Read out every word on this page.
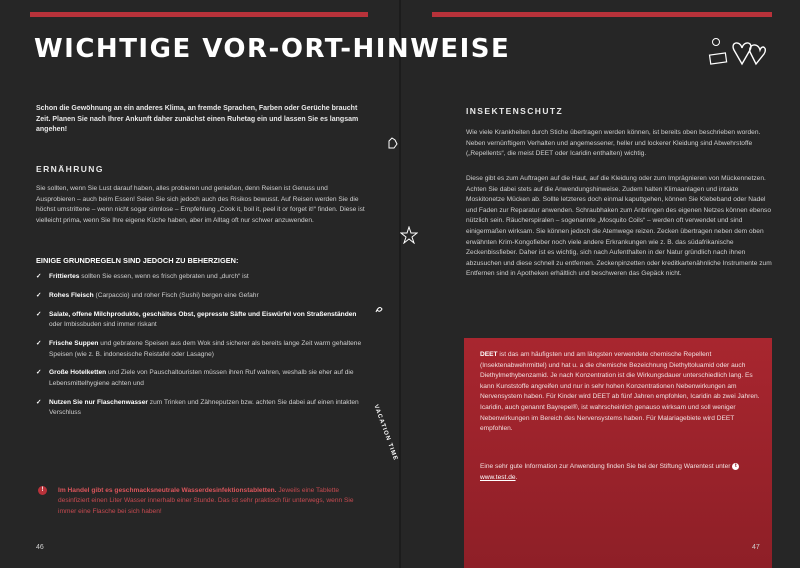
WICHTIGE VOR-ORT-HINWEISE
VACATION TIME

Schon die Gewöhnung an ein anderes Klima, an fremde Sprachen, Farben oder Gerüche braucht Zeit. Planen Sie nach Ihrer Ankunft daher zunächst einen Ruhetag ein und lassen Sie es langsam angehen!

ERNÄHRUNG

Sie sollten, wenn Sie Lust darauf haben, alles probieren und genießen, denn Reisen ist Genuss und Ausprobieren – auch beim Essen! Seien Sie sich jedoch auch des Risikos bewusst. Auf Reisen werden Sie die höchst umstrittene – wenn nicht sogar sinnlose – Empfehlung „Cook it, boil it, peel it or forget it!“ finden. Diese ist vielleicht prima, wenn Sie Ihre eigene Küche haben, aber im Alltag oft nur schwer anzuwenden.

EINIGE GRUNDREGELN SIND JEDOCH ZU BEHERZIGEN:

✓ Frittiertes sollten Sie essen, wenn es frisch gebraten und „durch“ ist
✓ Rohes Fleisch (Carpaccio) und roher Fisch (Sushi) bergen eine Gefahr
✓ Salate, offene Milchprodukte, geschältes Obst, gepresste Säfte und Eiswürfel von Straßenständen oder Imbissbuden sind immer riskant
✓ Frische Suppen und gebratene Speisen aus dem Wok sind sicherer als bereits lange Zeit warm gehaltene Speisen (wie z. B. indonesische Reistafel oder Lasagne)
✓ Große Hotelketten und Ziele von Pauschaltouristen müssen ihren Ruf wahren, weshalb sie eher auf die Lebensmittelhygiene achten und
✓ Nutzen Sie nur Flaschenwasser zum Trinken und Zähneputzen bzw. achten Sie dabei auf einen intakten Verschluss
!	Im Handel gibt es geschmacksneutrale Wasserdesinfektionstabletten. Jeweils eine Tablette desinfiziert einen Liter Wasser innerhalb einer Stunde. Das ist sehr praktisch für unterwegs, wenn Sie immer eine Flasche bei sich haben!

46

INSEKTENSCHUTZ

Wie viele Krankheiten durch Stiche übertragen werden können, ist bereits oben beschrieben worden. Neben vernünftigem Verhalten und angemessener, heller und lockerer Kleidung sind Abwehrstoffe („Repellents“, die meist DEET oder Icaridin enthalten) wichtig.

Diese gibt es zum Auftragen auf die Haut, auf die Kleidung oder zum Imprägnieren von Mückennetzen. Achten Sie dabei stets auf die Anwendungshinweise. Zudem halten Klimaanlagen und intakte Moskitonetze Mücken ab. Sollte letzteres doch einmal kaputtgehen, können Sie Klebeband oder Nadel und Faden zur Reparatur anwenden. Schraubhaken zum Anbringen des eigenen Netzes können ebenso nützlich sein. Räucherspiralen – sogenannte „Mosquito Coils“ – werden oft verwendet und sind einigermaßen wirksam. Sie können jedoch die Atemwege reizen. Zecken übertragen neben dem oben erwähnten Krim-Kongofieber noch viele andere Erkrankungen wie z. B. das südafrikanische Zeckenbissfieber. Daher ist es wichtig, sich nach Aufenthalten in der Natur gründlich nach ihnen abzusuchen und diese schnell zu entfernen. Zeckenpinzetten oder kreditkartenähnliche Instrumente zum Entfernen sind in Apotheken erhältlich und beschweren das Gepäck nicht.

DEET ist das am häufigsten und am längsten verwendete chemische Repellent (Insektenabwehrmittel) und hat u. a die chemische Bezeichnung Diethyltoluamid oder auch Diethylmethybenzamid. Je nach Konzentration ist die Wirkungsdauer unterschiedlich lang. Es kann Kunststoffe angreifen und nur in sehr hohen Konzentrationen Nebenwirkungen am Nervensystem haben. Für Kinder wird DEET ab fünf Jahren empfohlen, Icaridin ab zwei Jahren. Icaridin, auch genannt Bayrepel®, ist wahrscheinlich genauso wirksam und soll weniger Nebenwirkungen im Bereich des Nervensystems haben. Für Malariagebiete wird DEET empfohlen.

Eine sehr gute Information zur Anwendung finden Sie bei der Stiftung Warentest unter t www.test.de.

47
